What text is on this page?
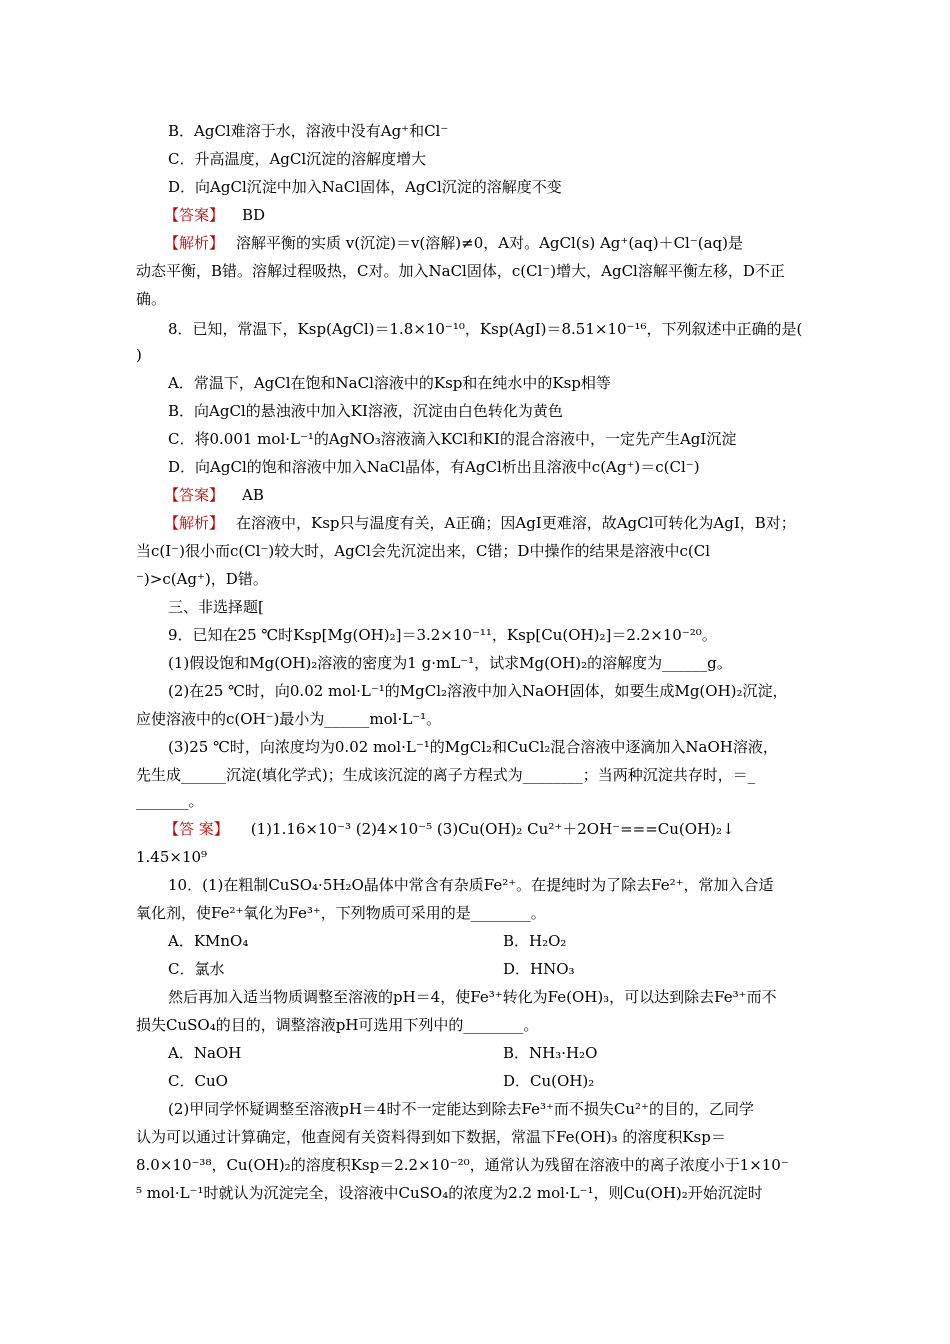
B．AgCl难溶于水，溶液中没有Ag⁺和Cl⁻
C．升高温度，AgCl沉淀的溶解度增大
D．向AgCl沉淀中加入NaCl固体，AgCl沉淀的溶解度不变
【答案】 BD
【解析】 溶解平衡的实质 v(沉淀)＝v(溶解)≠0，A对。AgCl(s) Ag⁺(aq)＋Cl⁻(aq)是
动态平衡，B错。溶解过程吸热，C对。加入NaCl固体，c(Cl⁻)增大，AgCl溶解平衡左移，D不正
确。
8．已知，常温下，Ksp(AgCl)＝1.8×10⁻¹⁰，Ksp(AgI)＝8.51×10⁻¹⁶，下列叙述中正确的是(
)
A．常温下，AgCl在饱和NaCl溶液中的Ksp和在纯水中的Ksp相等
B．向AgCl的悬浊液中加入KI溶液，沉淀由白色转化为黄色
C．将0.001 mol·L⁻¹的AgNO₃溶液滴入KCl和KI的混合溶液中，一定先产生AgI沉淀
D．向AgCl的饱和溶液中加入NaCl晶体，有AgCl析出且溶液中c(Ag⁺)＝c(Cl⁻)
【答案】 AB
【解析】 在溶液中，Ksp只与温度有关，A正确；因AgI更难溶，故AgCl可转化为AgI，B对；
当c(I⁻)很小而c(Cl⁻)较大时，AgCl会先沉淀出来，C错；D中操作的结果是溶液中c(Cl
⁻)>c(Ag⁺)，D错。
三、非选择题[
9．已知在25 ℃时Ksp[Mg(OH)₂]＝3.2×10⁻¹¹，Ksp[Cu(OH)₂]＝2.2×10⁻²⁰。
(1)假设饱和Mg(OH)₂溶液的密度为1 g·mL⁻¹，试求Mg(OH)₂的溶解度为______g。
(2)在25 ℃时，向0.02 mol·L⁻¹的MgCl₂溶液中加入NaOH固体，如要生成Mg(OH)₂沉淀，
应使溶液中的c(OH⁻)最小为______mol·L⁻¹。
(3)25 ℃时，向浓度均为0.02 mol·L⁻¹的MgCl₂和CuCl₂混合溶液中逐滴加入NaOH溶液，
先生成______沉淀(填化学式)；生成该沉淀的离子方程式为________；当两种沉淀共存时，＝_
_______。
【答 案】 (1)1.16×10⁻³ (2)4×10⁻⁵ (3)Cu(OH)₂ Cu²⁺＋2OH⁻===Cu(OH)₂↓
1.45×10⁹
10．(1)在粗制CuSO₄·5H₂O晶体中常含有杂质Fe²⁺。在提纯时为了除去Fe²⁺，常加入合适
氧化剂，使Fe²⁺氧化为Fe³⁺，下列物质可采用的是________。
A．KMnO₄	B．H₂O₂
C．氯水	D．HNO₃
然后再加入适当物质调整至溶液的pH＝4，使Fe³⁺转化为Fe(OH)₃，可以达到除去Fe³⁺而不
损失CuSO₄的目的，调整溶液pH可选用下列中的________。
A．NaOH	B．NH₃·H₂O
C．CuO	D．Cu(OH)₂
(2)甲同学怀疑调整至溶液pH＝4时不一定能达到除去Fe³⁺而不损失Cu²⁺的目的，乙同学
认为可以通过计算确定，他查阅有关资料得到如下数据，常温下Fe(OH)₃ 的溶度积Ksp＝
8.0×10⁻³⁸，Cu(OH)₂的溶度积Ksp＝2.2×10⁻²⁰，通常认为残留在溶液中的离子浓度小于1×10⁻
⁵ mol·L⁻¹时就认为沉淀完全，设溶液中CuSO₄的浓度为2.2 mol·L⁻¹，则Cu(OH)₂开始沉淀时
